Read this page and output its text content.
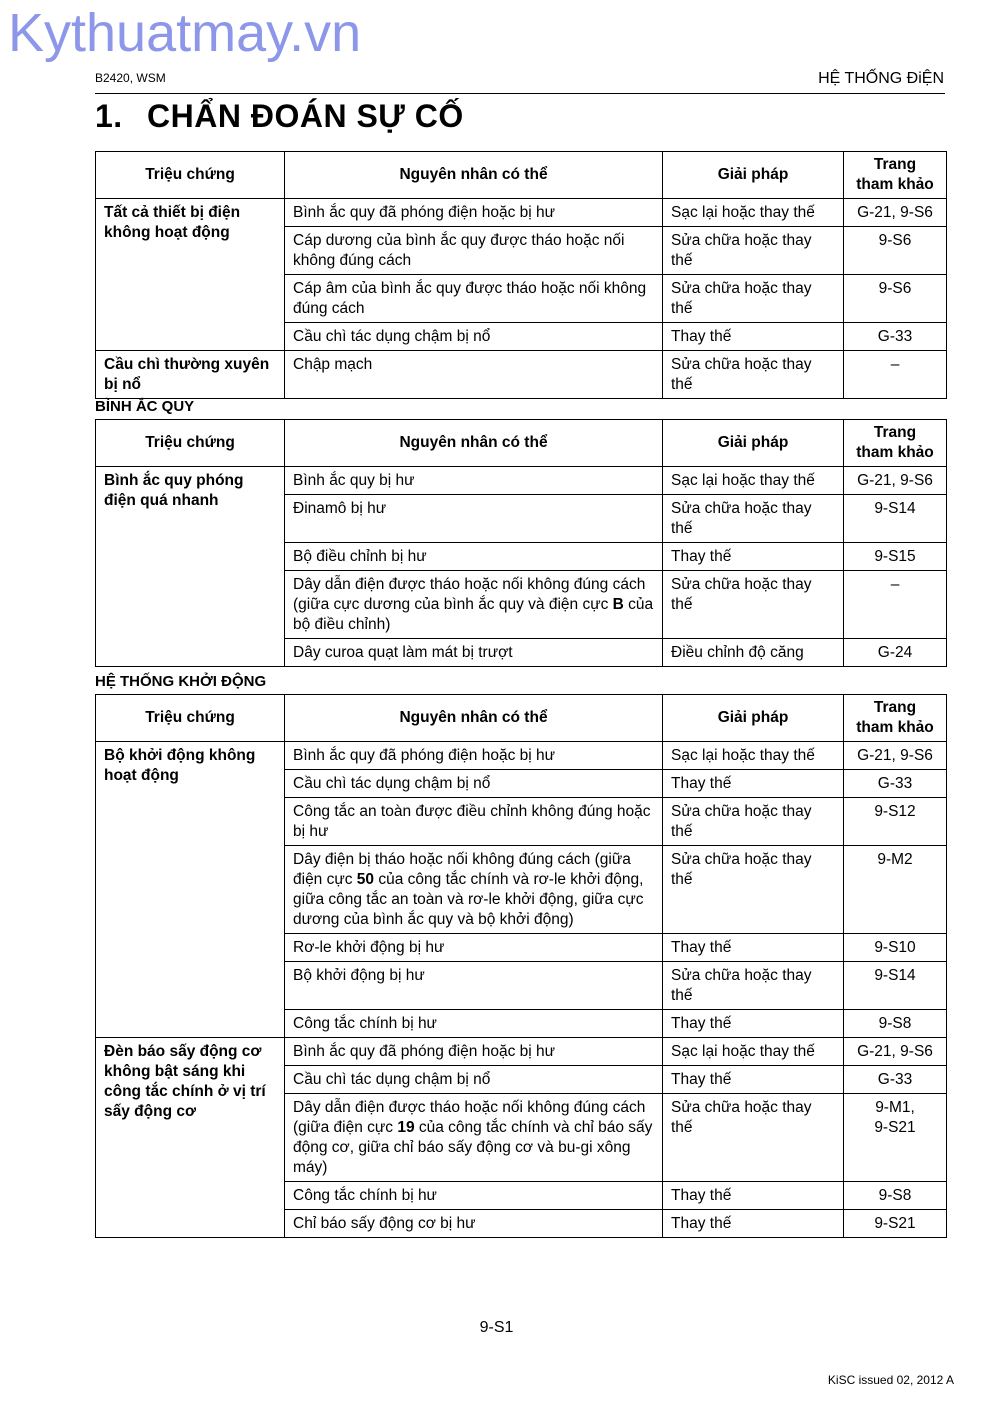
Kythuatmay.vn
B2420, WSM	HỆ THỐNG ĐiỆN
1. CHẨN ĐOÁN SỰ CỐ
Triệu chứng	Nguyên nhân có thể	Giải pháp	Trang
tham khảo
Tất cả thiết bị điện không hoạt động	Bình ắc quy đã phóng điện hoặc bị hư	Sạc lại hoặc thay thế	G-21, 9-S6
	Cáp dương của bình ắc quy được tháo hoặc nối không đúng cách	Sửa chữa hoặc thay thế	9-S6
	Cáp âm của bình ắc quy được tháo hoặc nối không đúng cách	Sửa chữa hoặc thay thế	9-S6
	Cầu chì tác dụng chậm bị nổ	Thay thế	G-33
Cầu chì thường xuyên bị nổ	Chập mạch	Sửa chữa hoặc thay thế	–
BÌNH ẮC QUY
Triệu chứng	Nguyên nhân có thể	Giải pháp	Trang
tham khảo
Bình ắc quy phóng điện quá nhanh	Bình ắc quy bị hư	Sạc lại hoặc thay thế	G-21, 9-S6
	Đinamô bị hư	Sửa chữa hoặc thay thế	9-S14
	Bộ điều chỉnh bị hư	Thay thế	9-S15
	Dây dẫn điện được tháo hoặc nối không đúng cách (giữa cực dương của bình ắc quy và điện cực B của bộ điều chỉnh)	Sửa chữa hoặc thay thế	–
	Dây curoa quạt làm mát bị trượt	Điều chỉnh độ căng	G-24
HỆ THỐNG KHỞI ĐỘNG
Triệu chứng	Nguyên nhân có thể	Giải pháp	Trang
tham khảo
Bộ khởi động không hoạt động	Bình ắc quy đã phóng điện hoặc bị hư	Sạc lại hoặc thay thế	G-21, 9-S6
	Cầu chì tác dụng chậm bị nổ	Thay thế	G-33
	Công tắc an toàn được điều chỉnh không đúng hoặc bị hư	Sửa chữa hoặc thay thế	9-S12
	Dây điện bị tháo hoặc nối không đúng cách (giữa điện cực 50 của công tắc chính và rơ-le khởi động, giữa công tắc an toàn và rơ-le khởi động, giữa cực dương của bình ắc quy và bộ khởi động)	Sửa chữa hoặc thay thế	9-M2
	Rơ-le khởi động bị hư	Thay thế	9-S10
	Bộ khởi động bị hư	Sửa chữa hoặc thay thế	9-S14
	Công tắc chính bị hư	Thay thế	9-S8
Đèn báo sấy động cơ không bật sáng khi công tắc chính ở vị trí sấy động cơ	Bình ắc quy đã phóng điện hoặc bị hư	Sạc lại hoặc thay thế	G-21, 9-S6
	Cầu chì tác dụng chậm bị nổ	Thay thế	G-33
	Dây dẫn điện được tháo hoặc nối không đúng cách (giữa điện cực 19 của công tắc chính và chỉ báo sấy động cơ, giữa chỉ báo sấy động cơ và bu-gi xông máy)	Sửa chữa hoặc thay thế	9-M1,
9-S21
	Công tắc chính bị hư	Thay thế	9-S8
	Chỉ báo sấy động cơ bị hư	Thay thế	9-S21
9-S1
KiSC issued 02, 2012 A
